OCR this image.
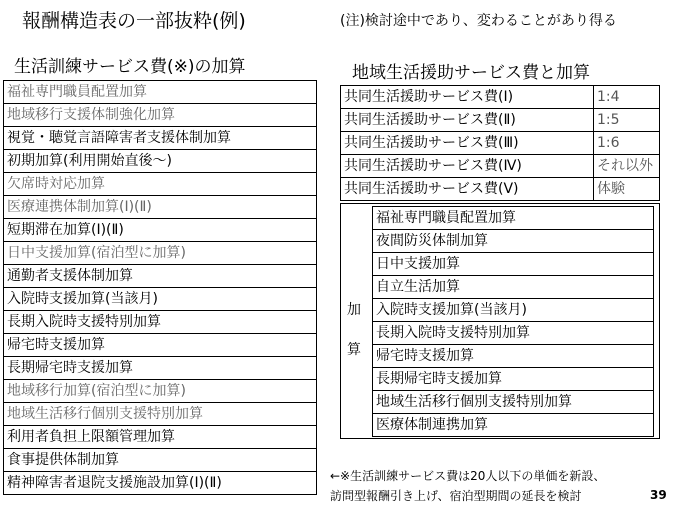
報酬構造表の一部抜粋(例)	(注)検討途中であり、変わることがあり得る
生活訓練サービス費(※)の加算
福祉専門職員配置加算
地域移行支援体制強化加算
視覚・聴覚言語障害者支援体制加算
初期加算(利用開始直後～)
欠席時対応加算
医療連携体制加算(Ⅰ)(Ⅱ)
短期滞在加算(Ⅰ)(Ⅱ)
日中支援加算(宿泊型に加算)
通勤者支援体制加算
入院時支援加算(当該月)
長期入院時支援特別加算
帰宅時支援加算
長期帰宅時支援加算
地域移行加算(宿泊型に加算)
地域生活移行個別支援特別加算
利用者負担上限額管理加算
食事提供体制加算
精神障害者退院支援施設加算(Ⅰ)(Ⅱ)
地域生活援助サービス費と加算
共同生活援助サービス費(Ⅰ)	1:4
共同生活援助サービス費(Ⅱ)	1:5
共同生活援助サービス費(Ⅲ)	1:6
共同生活援助サービス費(Ⅳ)	それ以外
共同生活援助サービス費(Ⅴ)	体験
加
算
福祉専門職員配置加算
夜間防災体制加算
日中支援加算
自立生活加算
入院時支援加算(当該月)
長期入院時支援特別加算
帰宅時支援加算
長期帰宅時支援加算
地域生活移行個別支援特別加算
医療体制連携加算
←※生活訓練サービス費は20人以下の単価を新設、
訪問型報酬引き上げ、宿泊型期間の延長を検討	39
